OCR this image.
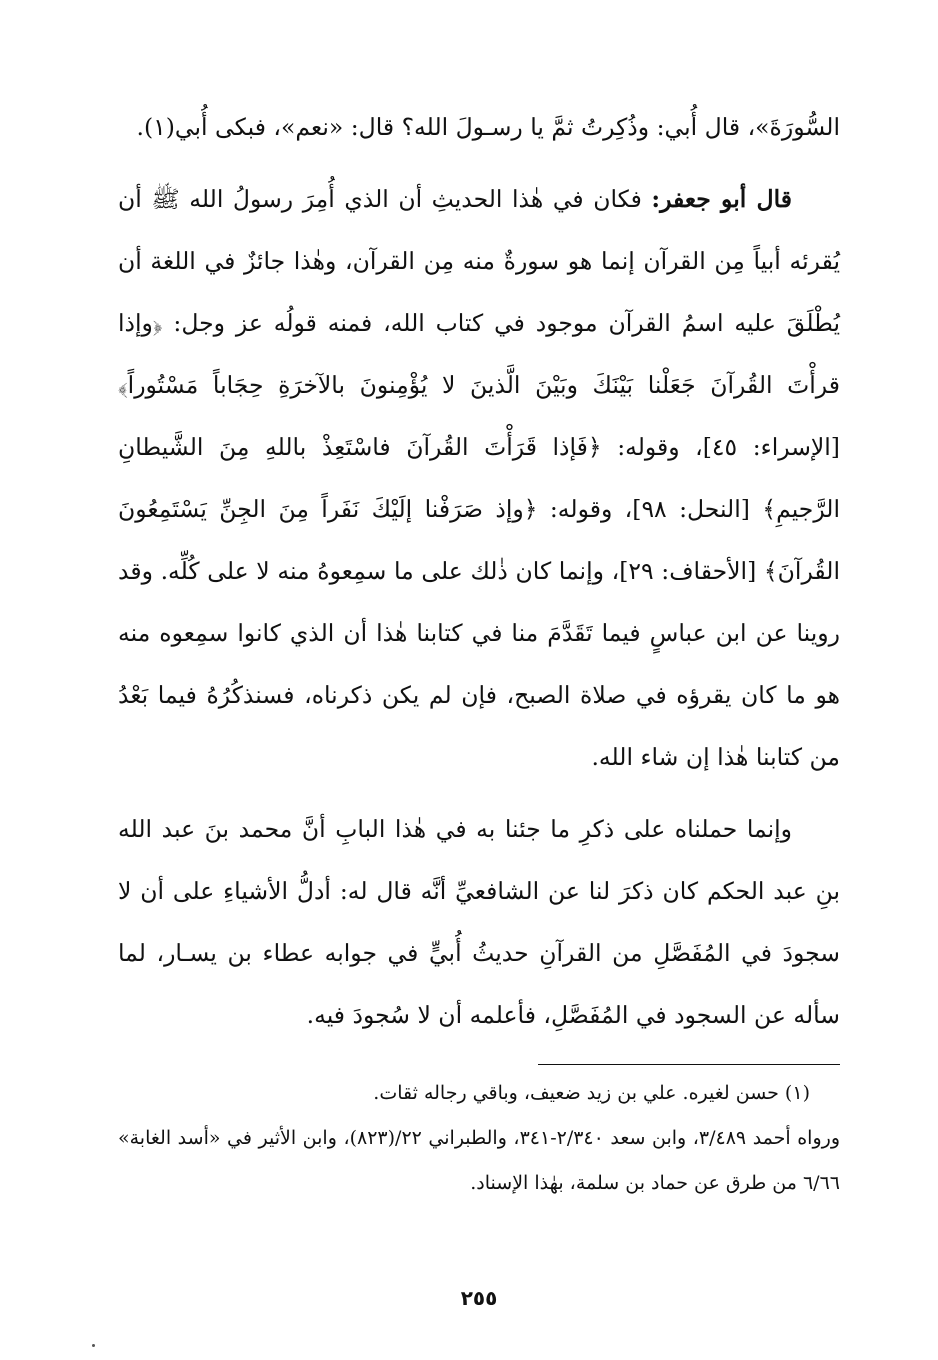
السُّورَةَ»، قال أُبي: وذُكِرتُ ثمَّ يا رسـولَ الله؟ قال: «نعم»، فبكى أُبي(١).

قال أبو جعفر: فكان في هٰذا الحديثِ أن الذي أُمِرَ رسولُ الله ﷺ أن يُقرئه أبياً مِن القرآن إنما هو سورةٌ منه مِن القرآن، وهٰذا جائزٌ في اللغة أن يُطْلَقَ عليه اسمُ القرآن موجود في كتاب الله، فمنه قولُه عز وجل: ﴿وإذا قرأْتَ القُرآنَ جَعَلْنا بَيْنَكَ وبَيْنَ الَّذينَ لا يُؤْمِنونَ بالآخرَةِ حِجَاباً مَسْتُوراً﴾ [الإسراء: ٤٥]، وقوله: ﴿فَإذا قَرَأْتَ القُرآنَ فاسْتَعِذْ باللهِ مِنَ الشَّيطانِ الرَّجيمِ﴾ [النحل: ٩٨]، وقوله: ﴿وإذ صَرَفْنا إلَيْكَ نَفَراً مِنَ الجِنِّ يَسْتَمِعُونَ القُرآنَ﴾ [الأحقاف: ٢٩]، وإنما كان ذٰلك على ما سمِعوهُ منه لا على كُلِّه. وقد روينا عن ابن عباسٍ فيما تَقَدَّمَ منا في كتابنا هٰذا أن الذي كانوا سمِعوه منه هو ما كان يقرؤه في صلاة الصبح، فإن لم يكن ذكرناه، فسنذكُرُهُ فيما بَعْدُ من كتابنا هٰذا إن شاء الله.

وإنما حملناه على ذكرِ ما جئنا به في هٰذا البابِ أنَّ محمد بنَ عبد الله بنِ عبد الحكم كان ذكرَ لنا عن الشافعيِّ أنَّه قال له: أدلُّ الأشياءِ على أن لا سجودَ في المُفَصَّلِ من القرآنِ حديثُ أُبيٍّ في جوابه عطاء بن يسـار، لما سأله عن السجود في المُفَصَّلِ، فأعلمه أن لا سُجودَ فيه.

(١) حسن لغيره. علي بن زيد ضعيف، وباقي رجاله ثقات.

ورواه أحمد ٣/٤٨٩، وابن سعد ٢/٣٤٠-٣٤١، والطبراني ٢٢/(٨٢٣)، وابن الأثير في «أسد الغابة» ٦/٦٦ من طرق عن حماد بن سلمة، بهٰذا الإسناد.

٢٥٥
